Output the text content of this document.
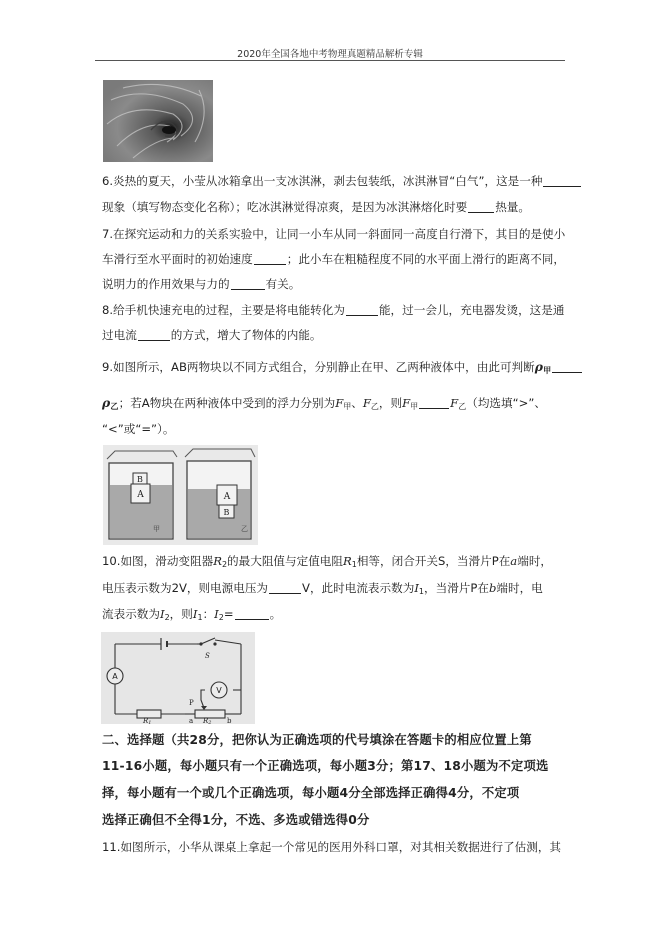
2020年全国各地中考物理真题精品解析专辑
6.炎热的夏天，小莹从冰箱拿出一支冰淇淋，剥去包装纸，冰淇淋冒“白气”，这是一种
现象（填写物态变化名称）；吃冰淇淋觉得凉爽，是因为冰淇淋熔化时要 热量。
7.在探究运动和力的关系实验中，让同一小车从同一斜面同一高度自行滑下，其目的是使小
车滑行至水平面时的初始速度	；此小车在粗糙程度不同的水平面上滑行的距离不同，
说明力的作用效果与力的	有关。
8.给手机快速充电的过程，主要是将电能转化为	能，过一会儿，充电器发烫，这是通
过电流	的方式，增大了物体的内能。
9.如图所示，AB两物块以不同方式组合，分别静止在甲、乙两种液体中，由此可判断$\rho_甲$
$\rho_乙$；若A物块在两种液体中受到的浮力分别为$F_甲$、$F_乙$，则$F_甲$	$F_乙$（均选填“>”、
“<”或“=”）。
B
A
甲
A
B
乙
10.如图，滑动变阻器$R_2$的最大阻值与定值电阻$R_1$相等，闭合开关S，当滑片P在a端时，
电压表示数为2V，则电源电压为	V，此时电流表示数为$I_1$，当滑片P在b端时，电
流表示数为$I_2$，则$I_1$：$I_2=$	。
S
A
V
R1
P
a R2 b
二、选择题（共28分，把你认为正确选项的代号填涂在答题卡的相应位置上第
11-16小题，每小题只有一个正确选项，每小题3分；第17、18小题为不定项选
择，每小题有一个或几个正确选项，每小题4分全部选择正确得4分，不定项
选择正确但不全得1分，不选、多选或错选得0分
11.如图所示，小华从课桌上拿起一个常见的医用外科口罩，对其相关数据进行了估测，其
